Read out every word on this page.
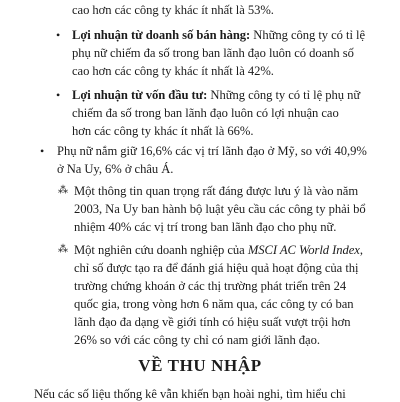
cao hơn các công ty khác ít nhất là 53%.

• Lợi nhuận từ doanh số bán hàng: Những công ty có tỉ lệ

phụ nữ chiếm đa số trong ban lãnh đạo luôn có doanh số

cao hơn các công ty khác ít nhất là 42%.

• Lợi nhuận từ vốn đầu tư: Những công ty có tỉ lệ phụ nữ

chiếm đa số trong ban lãnh đạo luôn có lợi nhuận cao

hơn các công ty khác ít nhất là 66%.

• Phụ nữ nắm giữ 16,6% các vị trí lãnh đạo ở Mỹ, so với 40,9%

ở Na Uy, 6% ở châu Á.

⁂ Một thông tin quan trọng rất đáng được lưu ý là vào năm

2003, Na Uy ban hành bộ luật yêu cầu các công ty phải bổ

nhiệm 40% các vị trí trong ban lãnh đạo cho phụ nữ.

⁂ Một nghiên cứu doanh nghiệp của MSCI AC World Index,

chỉ số được tạo ra để đánh giá hiệu quả hoạt động của thị

trường chứng khoán ở các thị trường phát triển trên 24

quốc gia, trong vòng hơn 6 năm qua, các công ty có ban

lãnh đạo đa dạng về giới tính có hiệu suất vượt trội hơn

26% so với các công ty chỉ có nam giới lãnh đạo.

VỀ THU NHẬP

Nếu các số liệu thống kê vẫn khiến bạn hoài nghi, tìm hiểu chi
